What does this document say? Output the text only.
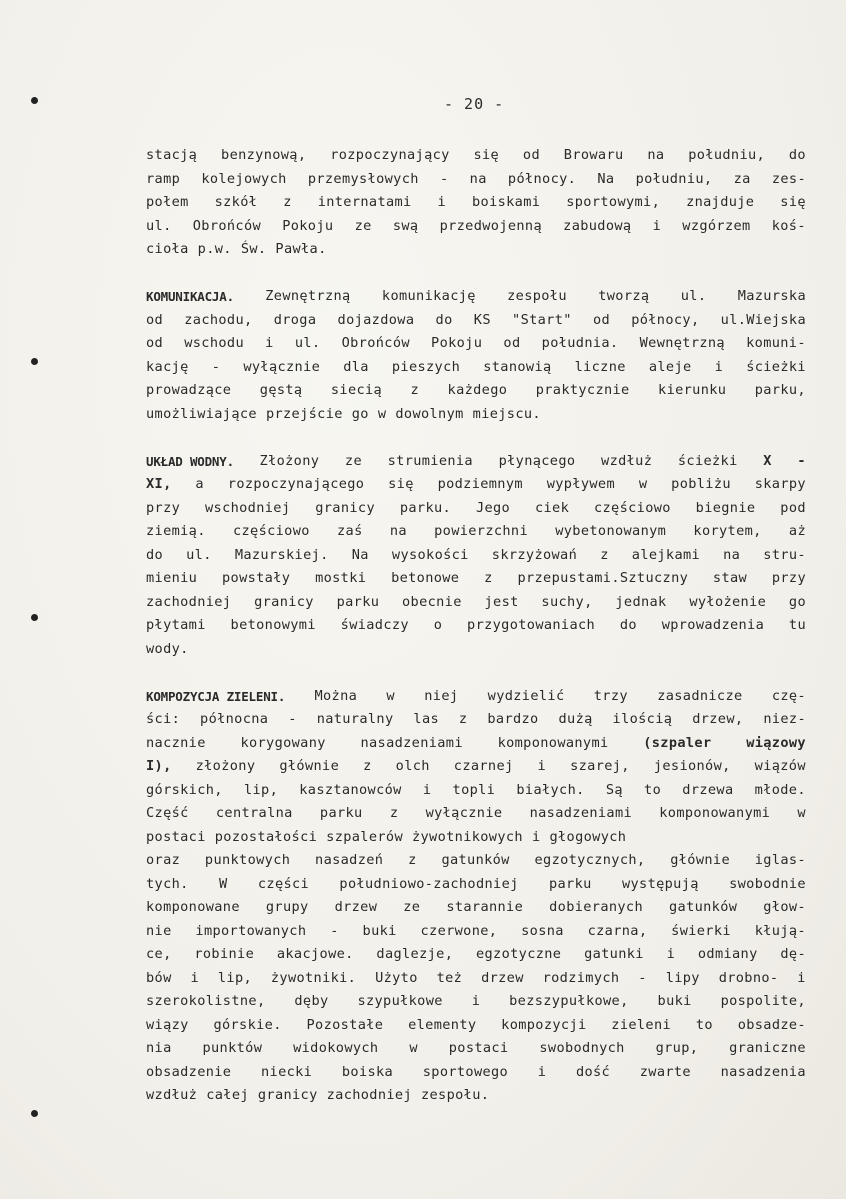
- 20 -
stacją benzynową, rozpoczynający się od Browaru na południu, do
ramp kolejowych przemysłowych - na północy. Na południu, za zes-
połem szkół z internatami i boiskami sportowymi, znajduje się
ul. Obrońców Pokoju ze swą przedwojenną zabudową i wzgórzem koś-
cioła p.w. Św. Pawła.
KOMUNIKACJA. Zewnętrzną komunikację zespołu tworzą ul. Mazurska
od zachodu, droga dojazdowa do KS "Start" od północy, ul.Wiejska
od wschodu i ul. Obrońców Pokoju od południa. Wewnętrzną komuni-
kację - wyłącznie dla pieszych stanowią liczne aleje i ścieżki
prowadzące gęstą siecią z każdego praktycznie kierunku parku,
umożliwiające przejście go w dowolnym miejscu.
UKŁAD WODNY. Złożony ze strumienia płynącego wzdłuż ścieżki X -
XI, a rozpoczynającego się podziemnym wypływem w pobliżu skarpy
przy wschodniej granicy parku. Jego ciek częściowo biegnie pod
ziemią. częściowo zaś na powierzchni wybetonowanym korytem, aż
do ul. Mazurskiej. Na wysokości skrzyżowań z alejkami na stru-
mieniu powstały mostki betonowe z przepustami.Sztuczny staw przy
zachodniej granicy parku obecnie jest suchy, jednak wyłożenie go
płytami betonowymi świadczy o przygotowaniach do wprowadzenia tu
wody.
KOMPOZYCJA ZIELENI. Można w niej wydzielić trzy zasadnicze czę-
ści: północna - naturalny las z bardzo dużą ilością drzew, niez-
nacznie	korygowany	nasadzeniami	komponowanymi	(szpaler	wiązowy
I), złożony głównie z olch czarnej i szarej, jesionów, wiązów
górskich, lip, kasztanowców i topli białych. Są to drzewa młode.
Część centralna parku z wyłącznie nasadzeniami komponowanymi w
postaci pozostałości szpalerów żywotnikowych i głogowych
oraz punktowych nasadzeń z gatunków egzotycznych, głównie iglas-
tych. W części południowo-zachodniej parku występują swobodnie
komponowane grupy drzew ze starannie dobieranych gatunków głow-
nie importowanych - buki czerwone, sosna czarna, świerki kłują-
ce, robinie akacjowe. daglezje, egzotyczne gatunki i odmiany dę-
bów i lip, żywotniki. Użyto też drzew rodzimych - lipy drobno- i
szerokolistne, dęby szypułkowe i bezszypułkowe, buki pospolite,
wiązy górskie. Pozostałe elementy kompozycji zieleni to obsadze-
nia punktów widokowych w postaci swobodnych grup, graniczne
obsadzenie niecki boiska sportowego i dość zwarte nasadzenia
wzdłuż całej granicy zachodniej zespołu.
